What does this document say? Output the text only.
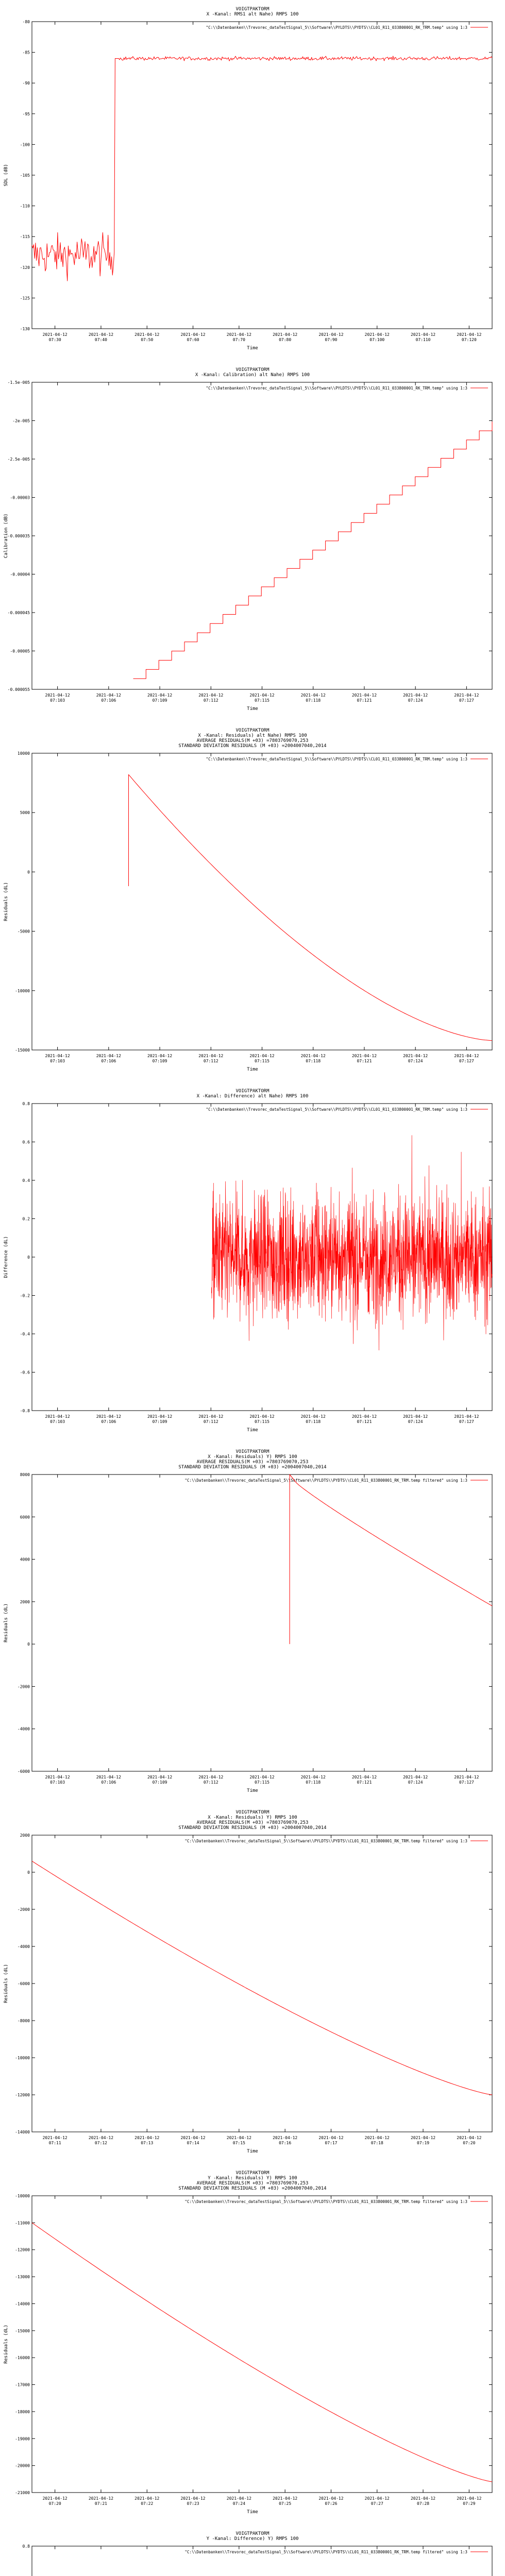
VOIGTPAKTORM
X -Kanal: RMS1 alt Nahe) RMPS 100
"C:\\Datenbanken\\Trevorec_dataTestSignal_5\\Software\\PYLDTS\\PYDTS\\CL01_R11_033800001_RK_TRM.temp" using 1:3
-80
-85
-90
-95
-100
-105
-110
-115
-120
-125
-130
2021-04-12
07:30
2021-04-12
07:40
2021-04-12
07:50
2021-04-12
07:60
2021-04-12
07:70
2021-04-12
07:80
2021-04-12
07:90
2021-04-12
07:100
2021-04-12
07:110
2021-04-12
07:120
Time
SDL (dB)
VOIGTPAKTORM
X -Kanal: Calibration) alt Nahe) RMPS 100
"C:\\Datenbanken\\Trevorec_dataTestSignal_5\\Software\\PYLDTS\\PYDTS\\CL01_R11_033800001_RK_TRM.temp" using 1:3
-1.5e-005
-2e-005
-2.5e-005
-0.00003
-0.000035
-0.00004
-0.000045
-0.00005
-0.000055
2021-04-12
07:103
2021-04-12
07:106
2021-04-12
07:109
2021-04-12
07:112
2021-04-12
07:115
2021-04-12
07:118
2021-04-12
07:121
2021-04-12
07:124
2021-04-12
07:127
Time
Calibration (dB)
VOIGTPAKTORM
X -Kanal: Residuals) alt Nahe) RMPS 100
AVERAGE RESIDUALS(M +03) =7803769070,253
STANDARD DEVIATION RESIDUALS (M +03) =2004007040,2014
"C:\\Datenbanken\\Trevorec_dataTestSignal_5\\Software\\PYLDTS\\PYDTS\\CL01_R11_033800001_RK_TRM.temp" using 1:3
10000
5000
0
-5000
-10000
-15000
2021-04-12
07:103
2021-04-12
07:106
2021-04-12
07:109
2021-04-12
07:112
2021-04-12
07:115
2021-04-12
07:118
2021-04-12
07:121
2021-04-12
07:124
2021-04-12
07:127
Time
Residuals (dL)
VOIGTPAKTORM
X -Kanal: Difference) alt Nahe) RMPS 100
"C:\\Datenbanken\\Trevorec_dataTestSignal_5\\Software\\PYLDTS\\PYDTS\\CL01_R11_033800001_RK_TRM.temp" using 1:3
0.8
0.6
0.4
0.2
0
-0.2
-0.4
-0.6
-0.8
2021-04-12
07:103
2021-04-12
07:106
2021-04-12
07:109
2021-04-12
07:112
2021-04-12
07:115
2021-04-12
07:118
2021-04-12
07:121
2021-04-12
07:124
2021-04-12
07:127
Time
Difference (dL)
VOIGTPAKTORM
X -Kanal: Residuals) Y) RMPS 100
AVERAGE RESIDUALS(M +03) =7803769070,253
STANDARD DEVIATION RESIDUALS (M +03) =2004007040,2014
"C:\\Datenbanken\\Trevorec_dataTestSignal_5\\Software\\PYLDTS\\PYDTS\\CL01_R11_033800001_RK_TRM.temp filtered" using 1:3
8000
6000
4000
2000
0
-2000
-4000
-6000
2021-04-12
07:103
2021-04-12
07:106
2021-04-12
07:109
2021-04-12
07:112
2021-04-12
07:115
2021-04-12
07:118
2021-04-12
07:121
2021-04-12
07:124
2021-04-12
07:127
Time
Residuals (dL)
VOIGTPAKTORM
X -Kanal: Residuals) Y) RMPS 100
AVERAGE RESIDUALS(M +03) =7803769070,253
STANDARD DEVIATION RESIDUALS (M +03) =2004007040,2014
"C:\\Datenbanken\\Trevorec_dataTestSignal_5\\Software\\PYLDTS\\PYDTS\\CL01_R11_033800001_RK_TRM.temp filtered" using 1:3
2000
0
-2000
-4000
-6000
-8000
-10000
-12000
-14000
2021-04-12
07:11
2021-04-12
07:12
2021-04-12
07:13
2021-04-12
07:14
2021-04-12
07:15
2021-04-12
07:16
2021-04-12
07:17
2021-04-12
07:18
2021-04-12
07:19
2021-04-12
07:20
Time
Residuals (dL)
VOIGTPAKTORM
Y -Kanal: Residuals) Y) RMPS 100
AVERAGE RESIDUALS(M +03) =7803769070,253
STANDARD DEVIATION RESIDUALS (M +03) =2004007040,2014
"C:\\Datenbanken\\Trevorec_dataTestSignal_5\\Software\\PYLDTS\\PYDTS\\CL01_R11_033800001_RK_TRM.temp filtered" using 1:3
-10000
-11000
-12000
-13000
-14000
-15000
-16000
-17000
-18000
-19000
-20000
-21000
2021-04-12
07:20
2021-04-12
07:21
2021-04-12
07:22
2021-04-12
07:23
2021-04-12
07:24
2021-04-12
07:25
2021-04-12
07:26
2021-04-12
07:27
2021-04-12
07:28
2021-04-12
07:29
Time
Residuals (dL)
VOIGTPAKTORM
Y -Kanal: Difference) Y) RMPS 100
"C:\\Datenbanken\\Trevorec_dataTestSignal_5\\Software\\PYLDTS\\PYDTS\\CL01_R11_033800001_RK_TRM.temp filtered" using 1:3
0.8
